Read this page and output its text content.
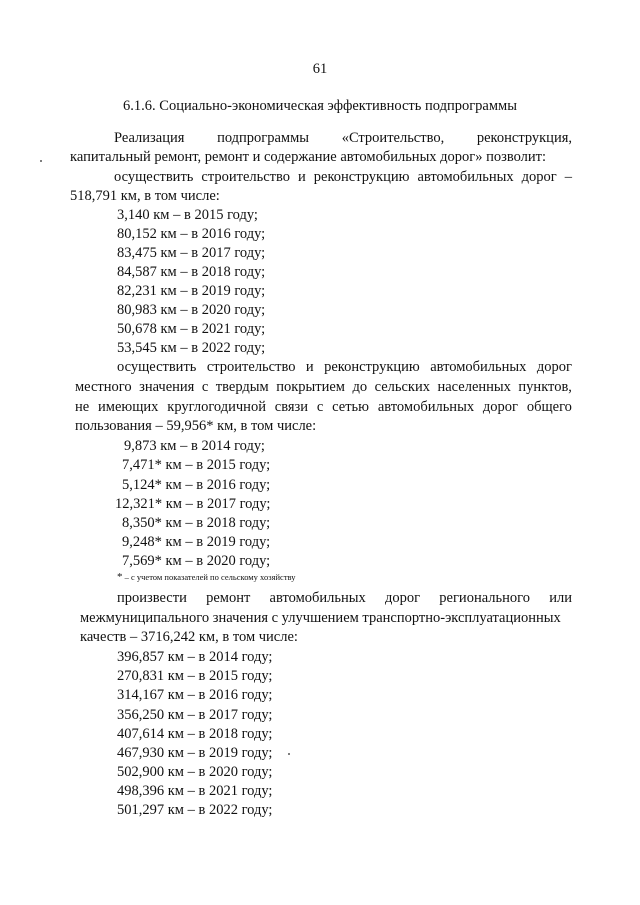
61
6.1.6. Социально-экономическая эффективность подпрограммы
Реализация подпрограммы «Строительство, реконструкция,
капитальный ремонт, ремонт и содержание автомобильных дорог» позволит:
осуществить строительство и реконструкцию автомобильных дорог –
518,791 км, в том числе:
3,140 км – в 2015 году;
80,152 км – в 2016 году;
83,475 км – в 2017 году;
84,587 км – в 2018 году;
82,231 км – в 2019 году;
80,983 км – в 2020 году;
50,678 км – в 2021 году;
53,545 км – в 2022 году;
осуществить строительство и реконструкцию автомобильных дорог
местного значения с твердым покрытием до сельских населенных пунктов,
не имеющих круглогодичной связи с сетью автомобильных дорог общего
пользования – 59,956* км, в том числе:
9,873 км – в 2014 году;
7,471* км – в 2015 году;
5,124* км – в 2016 году;
12,321* км – в 2017 году;
8,350* км – в 2018 году;
9,248* км – в 2019 году;
7,569* км – в 2020 году;
* – с учетом показателей по сельскому хозяйству
произвести ремонт автомобильных дорог регионального или
межмуниципального значения с улучшением транспортно-эксплуатационных
качеств – 3716,242 км, в том числе:
396,857 км – в 2014 году;
270,831 км – в 2015 году;
314,167 км – в 2016 году;
356,250 км – в 2017 году;
407,614 км – в 2018 году;
467,930 км – в 2019 году;
502,900 км – в 2020 году;
498,396 км – в 2021 году;
501,297 км – в 2022 году;
